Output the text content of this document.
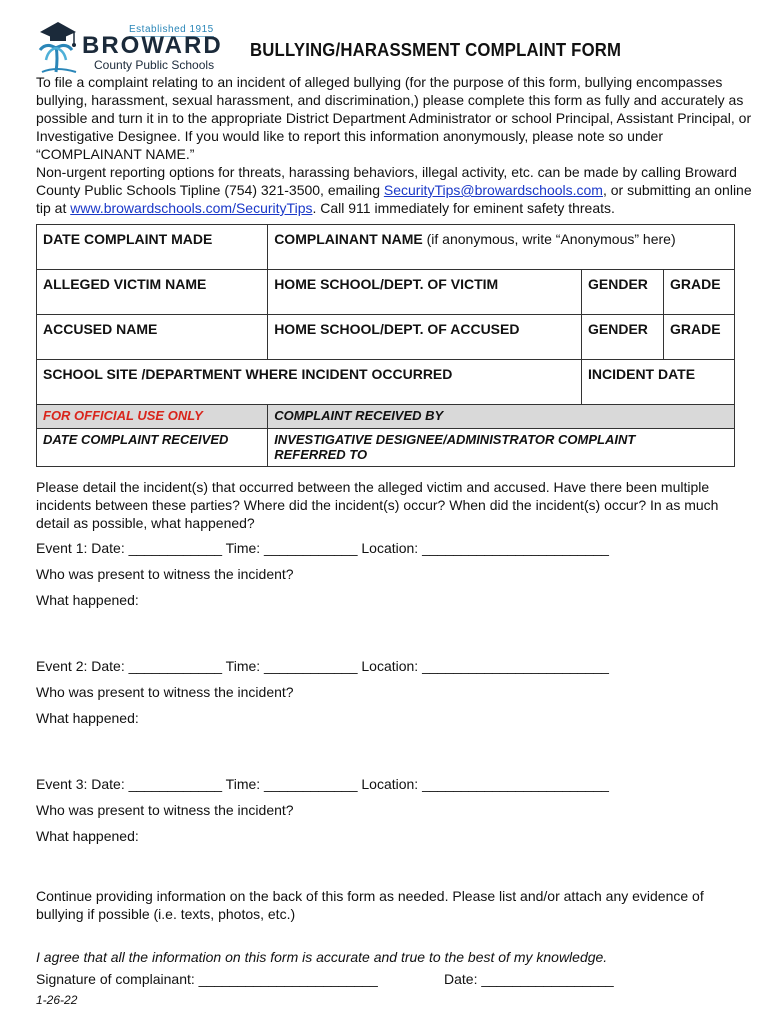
Established 1915
BROWARD
County Public Schools
BULLYING/HARASSMENT COMPLAINT FORM

To file a complaint relating to an incident of alleged bullying (for the purpose of this form, bullying encompasses bullying, harassment, sexual harassment, and discrimination,) please complete this form as fully and accurately as possible and turn it in to the appropriate District Department Administrator or school Principal, Assistant Principal, or Investigative Designee. If you would like to report this information anonymously, please note so under “COMPLAINANT NAME.”

Non-urgent reporting options for threats, harassing behaviors, illegal activity, etc. can be made by calling Broward County Public Schools Tipline (754) 321-3500, emailing SecurityTips@browardschools.com, or submitting an online tip at www.browardschools.com/SecurityTips. Call 911 immediately for eminent safety threats.

DATE COMPLAINT MADE	COMPLAINANT NAME (if anonymous, write “Anonymous” here)		
ALLEGED VICTIM NAME	HOME SCHOOL/DEPT. OF VICTIM	GENDER	GRADE
ACCUSED NAME	HOME SCHOOL/DEPT. OF ACCUSED	GENDER	GRADE
SCHOOL SITE /DEPARTMENT WHERE INCIDENT OCCURRED		INCIDENT DATE	
FOR OFFICIAL USE ONLY	COMPLAINT RECEIVED BY		
DATE COMPLAINT RECEIVED	INVESTIGATIVE DESIGNEE/ADMINISTRATOR COMPLAINT REFERRED TO		
Please detail the incident(s) that occurred between the alleged victim and accused. Have there been multiple incidents between these parties? Where did the incident(s) occur? When did the incident(s) occur? In as much detail as possible, what happened?
Event 1: Date: ____________ Time: ____________ Location: ________________________
Who was present to witness the incident?
What happened:
Event 2: Date: ____________ Time: ____________ Location: ________________________
Who was present to witness the incident?
What happened:
Event 3: Date: ____________ Time: ____________ Location: ________________________
Who was present to witness the incident?
What happened:
Continue providing information on the back of this form as needed. Please list and/or attach any evidence of bullying if possible (i.e. texts, photos, etc.)
I agree that all the information on this form is accurate and true to the best of my knowledge.
Signature of complainant: _______________________	Date: _________________
1-26-22
